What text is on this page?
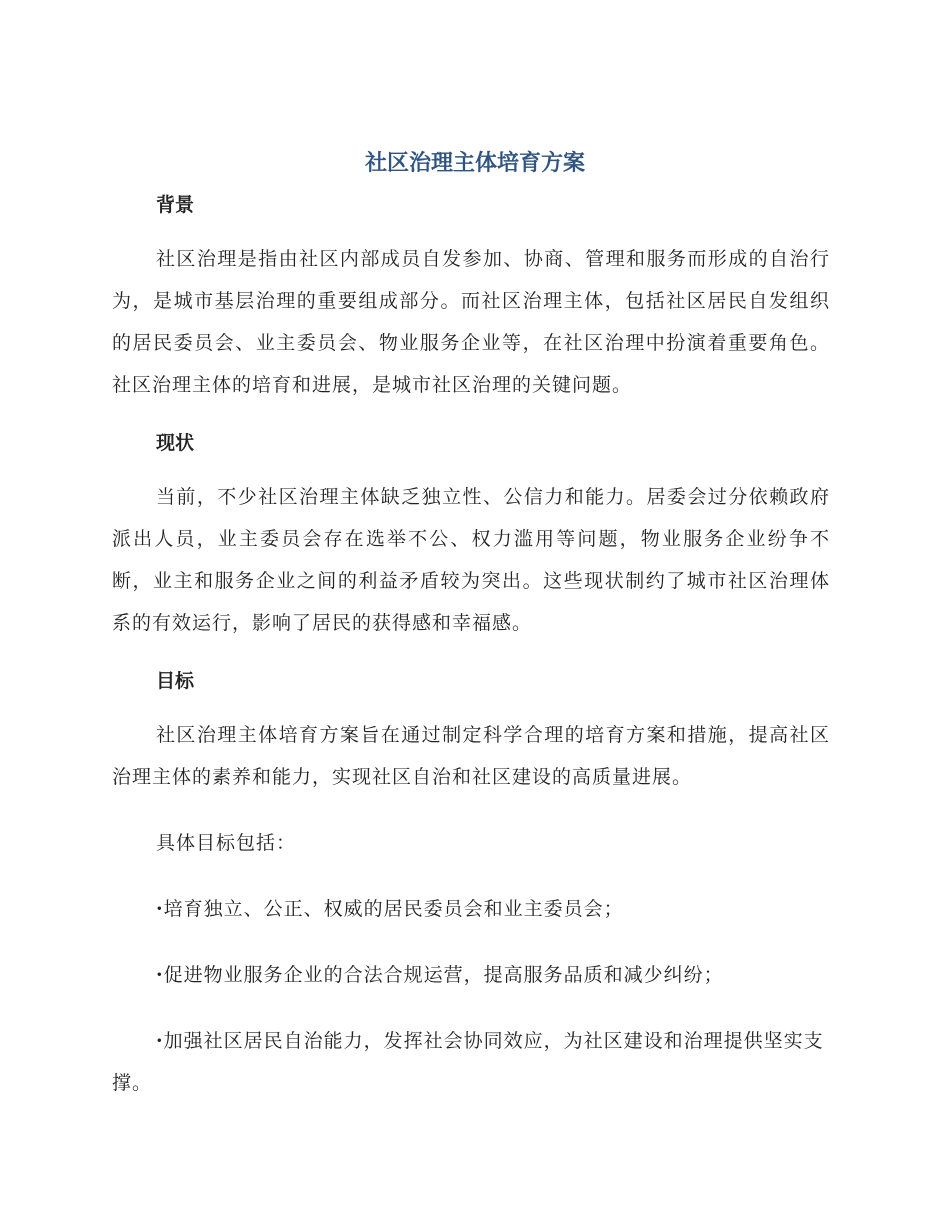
社区治理主体培育方案
背景

社区治理是指由社区内部成员自发参加、协商、管理和服务而形成的自治行为，是城市基层治理的重要组成部分。而社区治理主体，包括社区居民自发组织的居民委员会、业主委员会、物业服务企业等，在社区治理中扮演着重要角色。社区治理主体的培育和进展，是城市社区治理的关键问题。

现状

当前，不少社区治理主体缺乏独立性、公信力和能力。居委会过分依赖政府派出人员，业主委员会存在选举不公、权力滥用等问题，物业服务企业纷争不断，业主和服务企业之间的利益矛盾较为突出。这些现状制约了城市社区治理体系的有效运行，影响了居民的获得感和幸福感。

目标

社区治理主体培育方案旨在通过制定科学合理的培育方案和措施，提高社区治理主体的素养和能力，实现社区自治和社区建设的高质量进展。

具体目标包括：

·培育独立、公正、权威的居民委员会和业主委员会；

·促进物业服务企业的合法合规运营，提高服务品质和减少纠纷；

·加强社区居民自治能力，发挥社会协同效应，为社区建设和治理提供坚实支撑。
